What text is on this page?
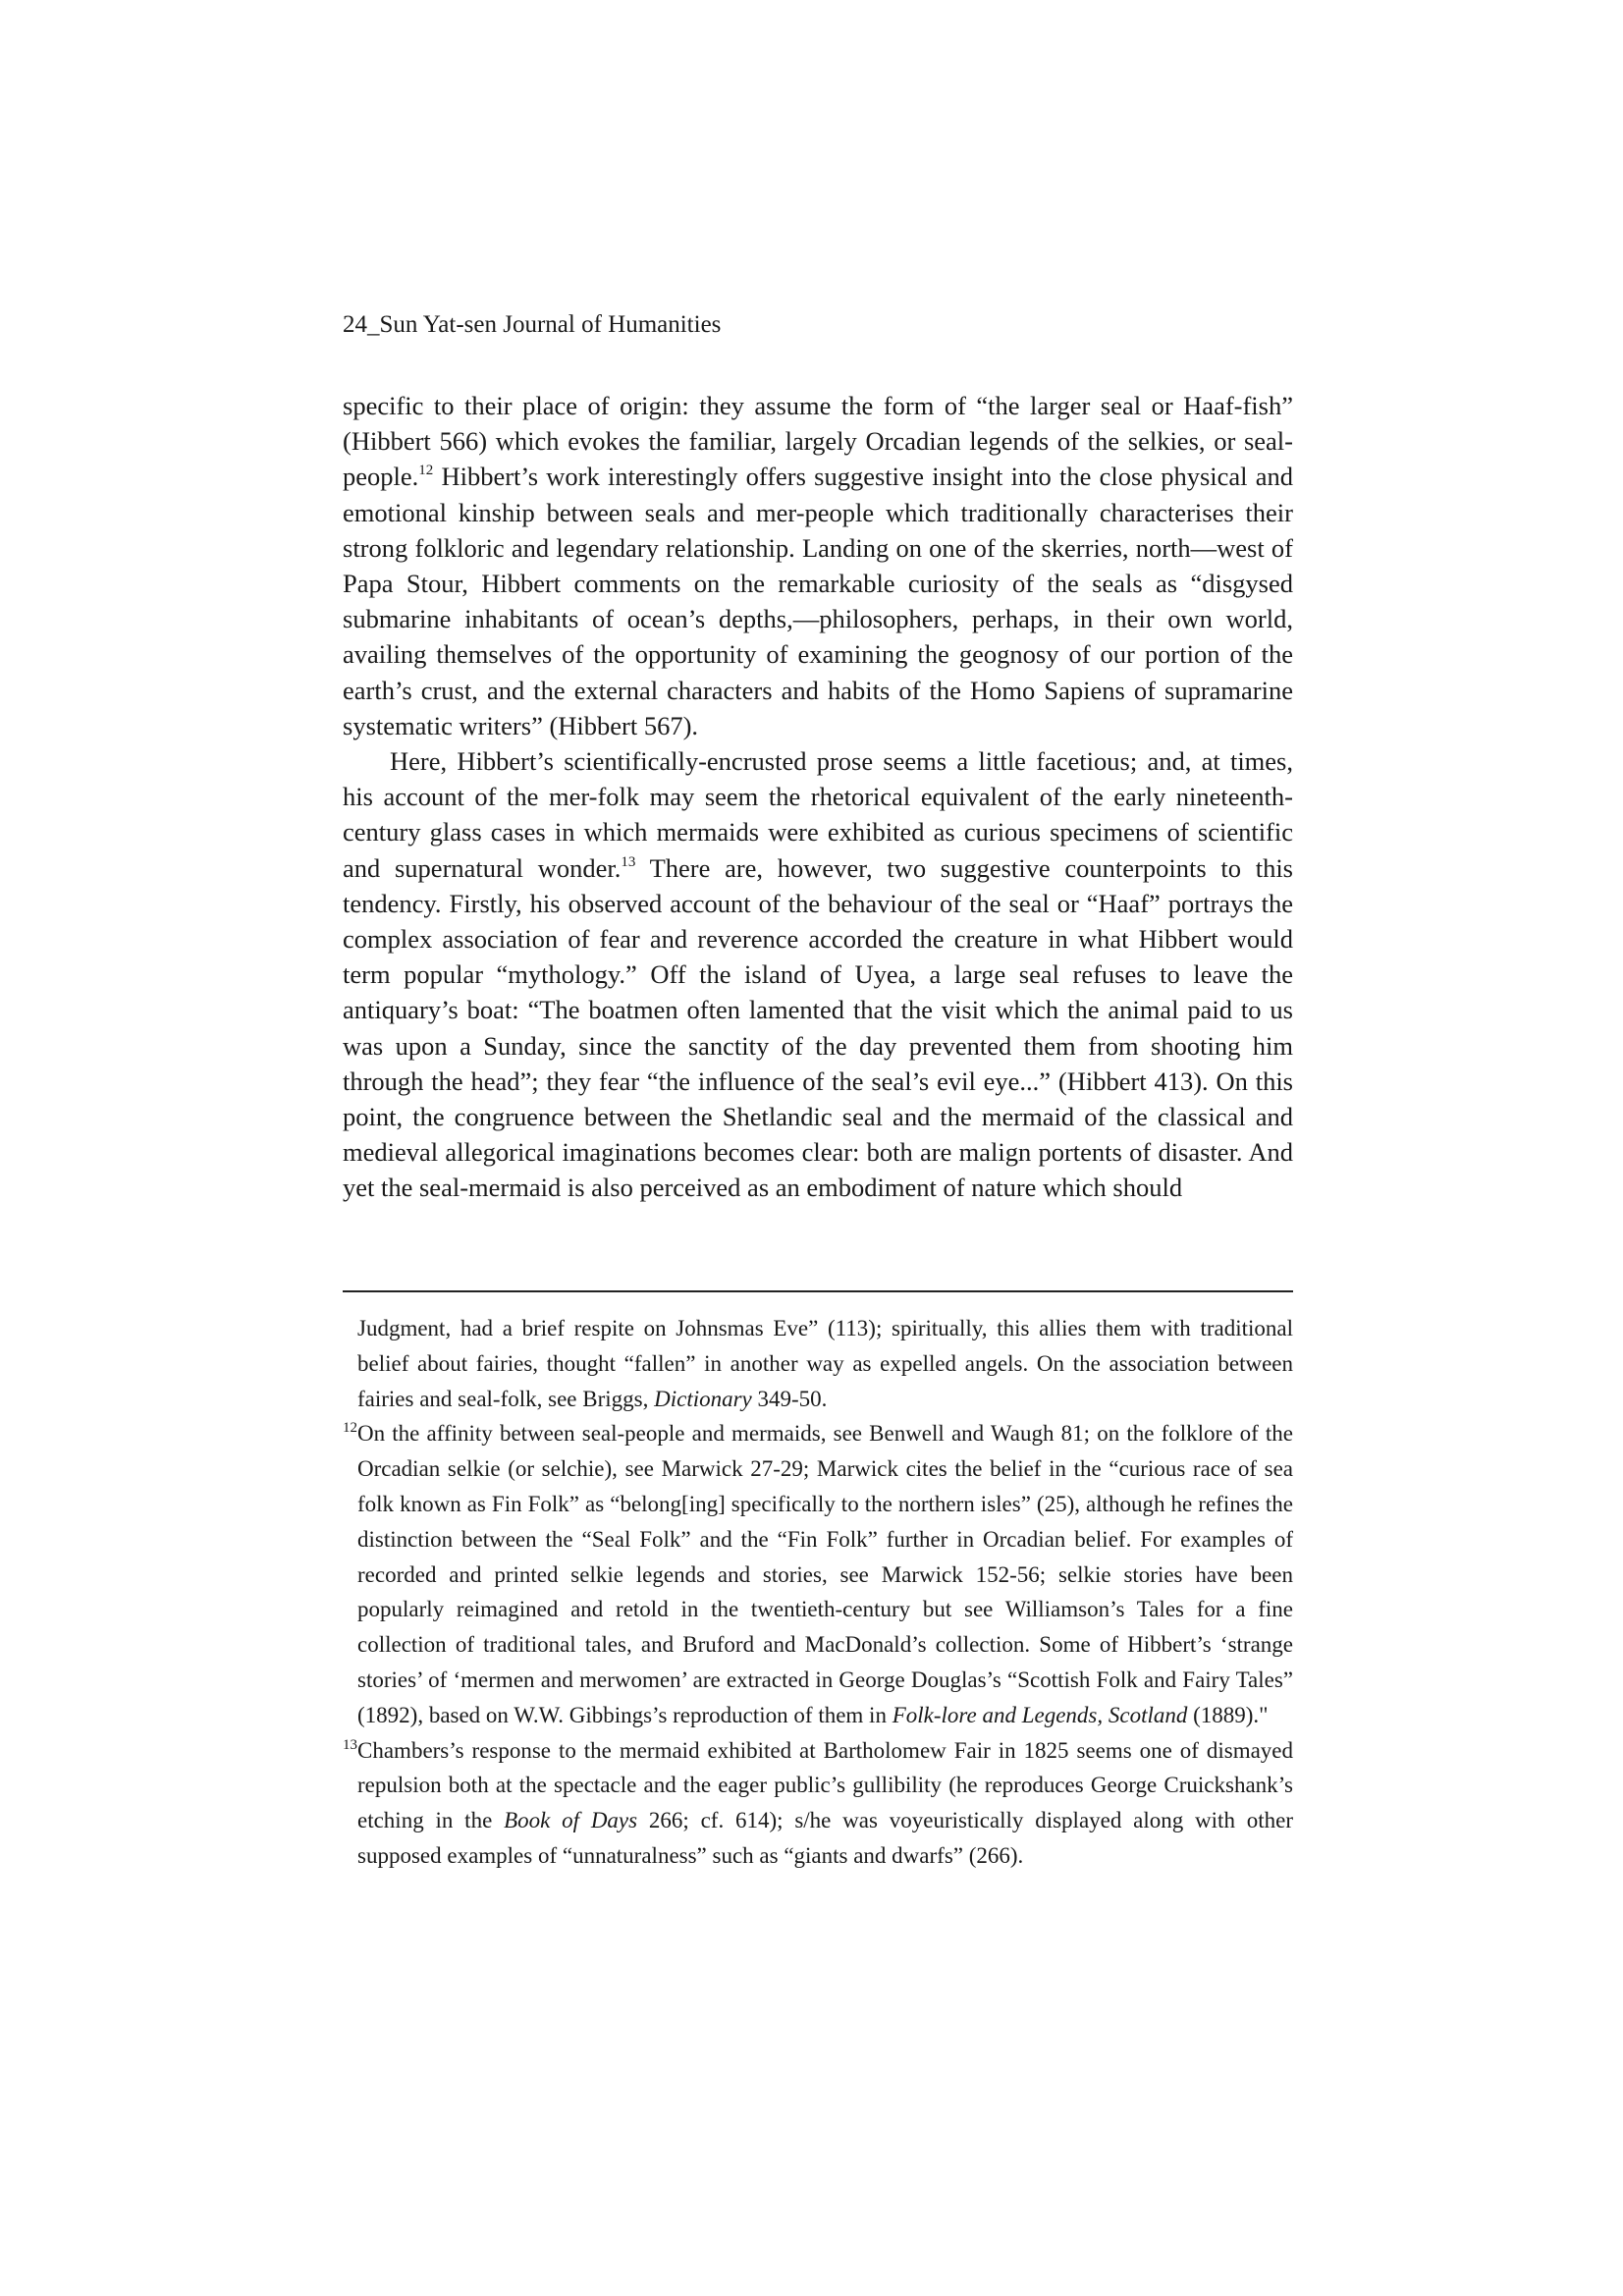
24_Sun Yat-sen Journal of Humanities

specific to their place of origin: they assume the form of “the larger seal or Haaf-fish” (Hibbert 566) which evokes the familiar, largely Orcadian legends of the selkies, or seal-people.$^{12}$ Hibbert’s work interestingly offers suggestive insight into the close physical and emotional kinship between seals and mer-people which traditionally characterises their strong folkloric and legendary relationship. Landing on one of the skerries, north—west of Papa Stour, Hibbert comments on the remarkable curiosity of the seals as “disgysed submarine inhabitants of ocean’s depths,—philosophers, perhaps, in their own world, availing themselves of the opportunity of examining the geognosy of our portion of the earth’s crust, and the external characters and habits of the Homo Sapiens of supramarine systematic writers” (Hibbert 567).

Here, Hibbert’s scientifically-encrusted prose seems a little facetious; and, at times, his account of the mer-folk may seem the rhetorical equivalent of the early nineteenth-century glass cases in which mermaids were exhibited as curious specimens of scientific and supernatural wonder.$^{13}$ There are, however, two suggestive counterpoints to this tendency. Firstly, his observed account of the behaviour of the seal or “Haaf” portrays the complex association of fear and reverence accorded the creature in what Hibbert would term popular “mythology.” Off the island of Uyea, a large seal refuses to leave the antiquary’s boat: “The boatmen often lamented that the visit which the animal paid to us was upon a Sunday, since the sanctity of the day prevented them from shooting him through the head”; they fear “the influence of the seal’s evil eye...” (Hibbert 413). On this point, the congruence between the Shetlandic seal and the mermaid of the classical and medieval allegorical imaginations becomes clear: both are malign portents of disaster. And yet the seal-mermaid is also perceived as an embodiment of nature which should

Judgment, had a brief respite on Johnsmas Eve” (113); spiritually, this allies them with traditional belief about fairies, thought “fallen” in another way as expelled angels. On the association between fairies and seal-folk, see Briggs, Dictionary 349-50.

12 On the affinity between seal-people and mermaids, see Benwell and Waugh 81; on the folklore of the Orcadian selkie (or selchie), see Marwick 27-29; Marwick cites the belief in the “curious race of sea folk known as Fin Folk” as “belong[ing] specifically to the northern isles” (25), although he refines the distinction between the “Seal Folk” and the “Fin Folk” further in Orcadian belief. For examples of recorded and printed selkie legends and stories, see Marwick 152-56; selkie stories have been popularly reimagined and retold in the twentieth-century but see Williamson’s Tales for a fine collection of traditional tales, and Bruford and MacDonald’s collection. Some of Hibbert’s ‘strange stories’ of ‘mermen and merwomen’ are extracted in George Douglas’s “Scottish Folk and Fairy Tales” (1892), based on W.W. Gibbings’s reproduction of them in Folk-lore and Legends, Scotland (1889)."

13 Chambers’s response to the mermaid exhibited at Bartholomew Fair in 1825 seems one of dismayed repulsion both at the spectacle and the eager public’s gullibility (he reproduces George Cruickshank’s etching in the Book of Days 266; cf. 614); s/he was voyeuristically displayed along with other supposed examples of “unnaturalness” such as “giants and dwarfs” (266).
